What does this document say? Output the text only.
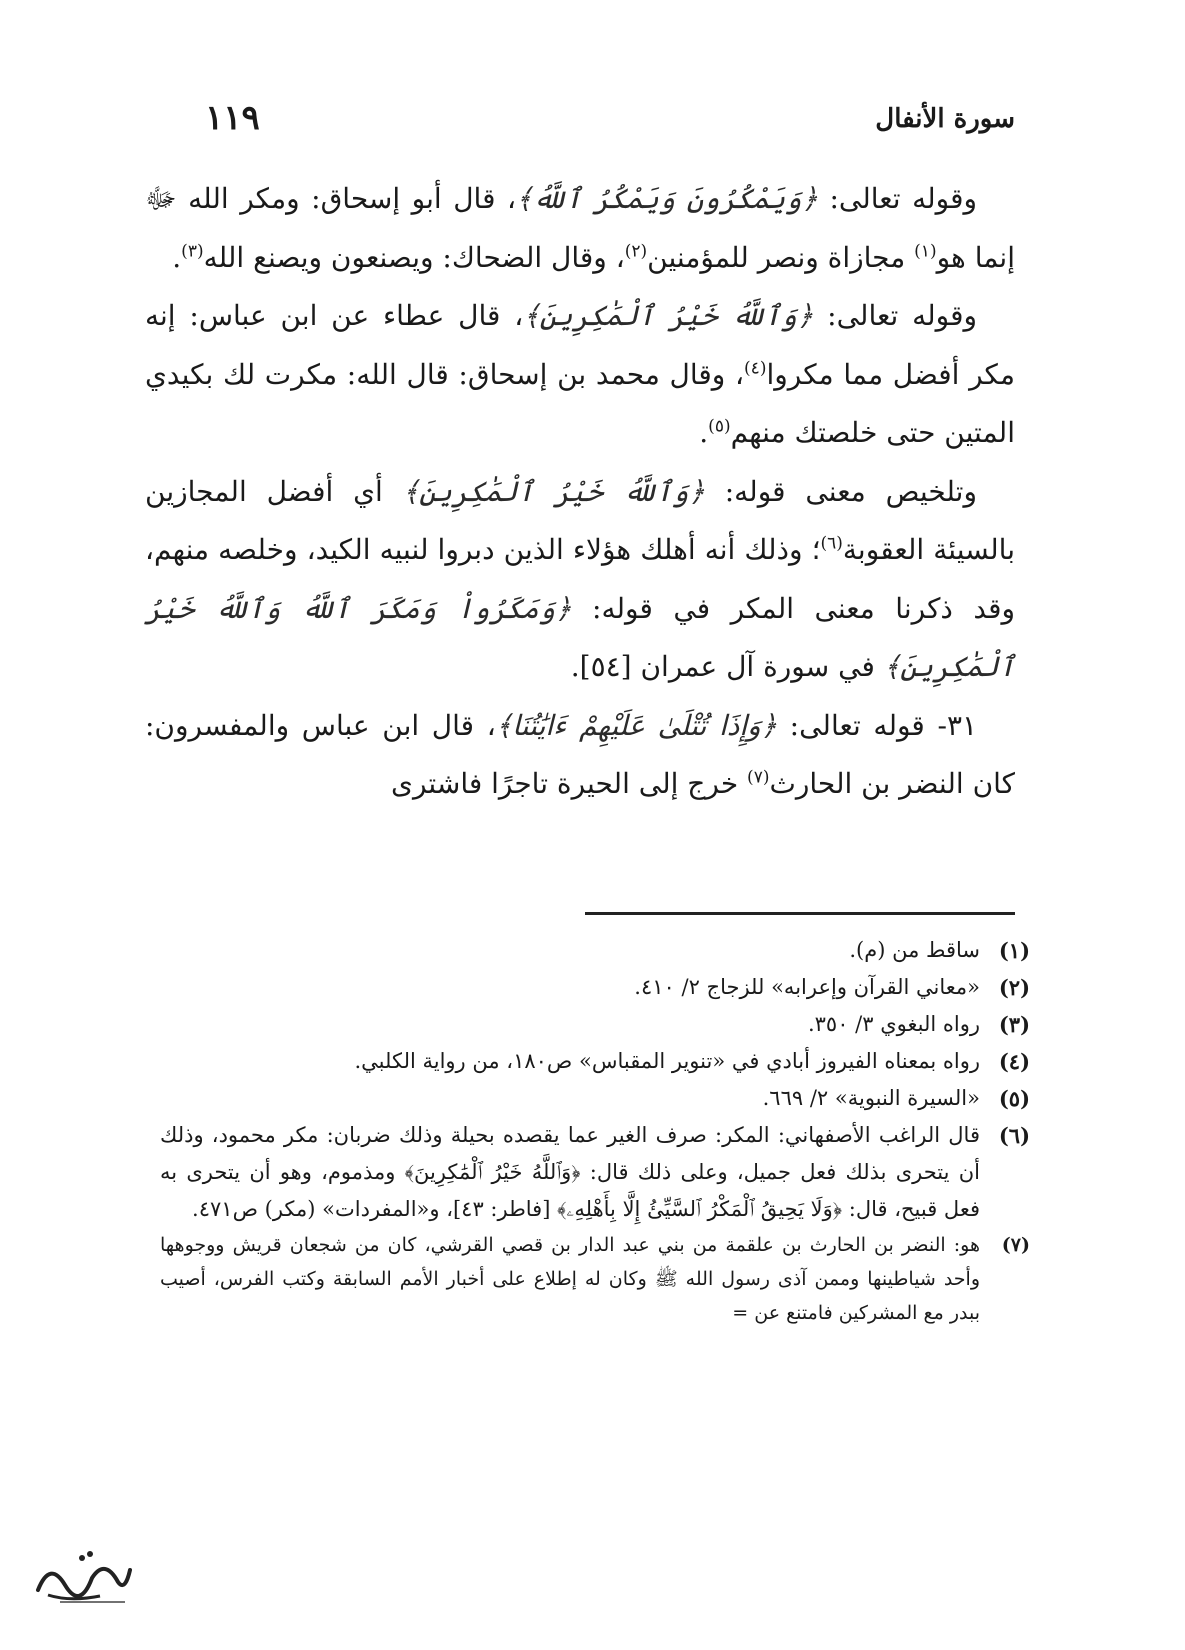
سورة الأنفال
١١٩

وقوله تعالى: ﴿وَيَمْكُرُونَ وَيَمْكُرُ ٱللَّهُ﴾، قال أبو إسحاق: ومكر الله ﷻ إنما هو$^{(١)}$ مجازاة ونصر للمؤمنين$^{(٢)}$، وقال الضحاك: ويصنعون ويصنع الله$^{(٣)}$.

وقوله تعالى: ﴿وَٱللَّهُ خَيْرُ ٱلْمَٰكِرِينَ﴾، قال عطاء عن ابن عباس: إنه مكر أفضل مما مكروا$^{(٤)}$، وقال محمد بن إسحاق: قال الله: مكرت لك بكيدي المتين حتى خلصتك منهم$^{(٥)}$.

وتلخيص معنى قوله: ﴿وَٱللَّهُ خَيْرُ ٱلْمَٰكِرِينَ﴾ أي أفضل المجازين بالسيئة العقوبة$^{(٦)}$؛ وذلك أنه أهلك هؤلاء الذين دبروا لنبيه الكيد، وخلصه منهم، وقد ذكرنا معنى المكر في قوله: ﴿وَمَكَرُواْ وَمَكَرَ ٱللَّهُ وَٱللَّهُ خَيْرُ ٱلْمَٰكِرِينَ﴾ في سورة آل عمران [٥٤].

٣١- قوله تعالى: ﴿وَإِذَا تُتْلَىٰ عَلَيْهِمْ ءَايَٰتُنَا﴾، قال ابن عباس والمفسرون: كان النضر بن الحارث$^{(٧)}$ خرج إلى الحيرة تاجرًا فاشترى

(١)
ساقط من (م).
(٢)
«معاني القرآن وإعرابه» للزجاج ٢/ ٤١٠.
(٣)
رواه البغوي ٣/ ٣٥٠.
(٤)
رواه بمعناه الفيروز أبادي في «تنوير المقباس» ص١٨٠، من رواية الكلبي.
(٥)
«السيرة النبوية» ٢/ ٦٦٩.
(٦)
قال الراغب الأصفهاني: المكر: صرف الغير عما يقصده بحيلة وذلك ضربان: مكر محمود، وذلك أن يتحرى بذلك فعل جميل، وعلى ذلك قال: ﴿وَٱللَّهُ خَيْرُ ٱلْمَٰكِرِينَ﴾ ومذموم، وهو أن يتحرى به فعل قبيح، قال: ﴿وَلَا يَحِيقُ ٱلْمَكْرُ ٱلسَّيِّئُ إِلَّا بِأَهْلِهِۦ﴾ [فاطر: ٤٣]، و«المفردات» (مكر) ص٤٧١.
(٧)
هو: النضر بن الحارث بن علقمة من بني عبد الدار بن قصي القرشي، كان من شجعان قريش ووجوهها وأحد شياطينها وممن آذى رسول الله ﷺ وكان له إطلاع على أخبار الأمم السابقة وكتب الفرس، أصيب ببدر مع المشركين فامتنع عن =
